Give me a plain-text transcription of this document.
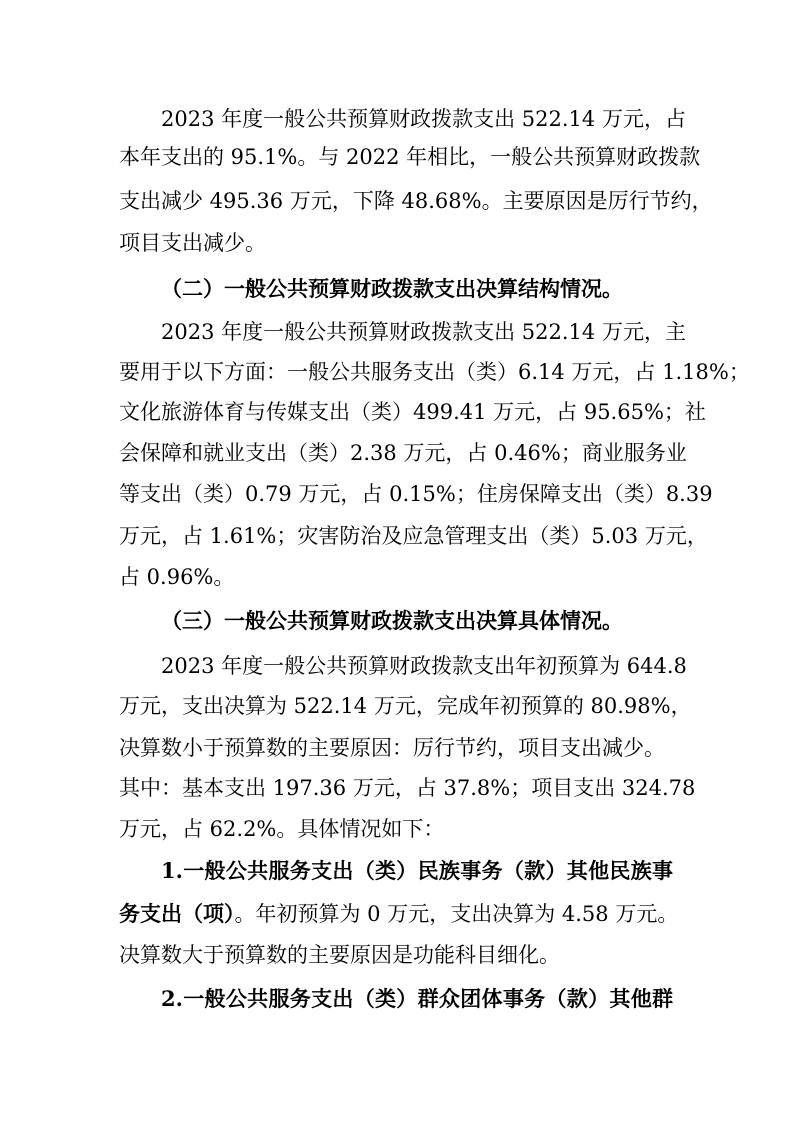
2023 年度一般公共预算财政拨款支出 522.14 万元，占
本年支出的 95.1%。与 2022 年相比，一般公共预算财政拨款
支出减少 495.36 万元，下降 48.68%。主要原因是厉行节约，
项目支出减少。
（二）一般公共预算财政拨款支出决算结构情况。
2023 年度一般公共预算财政拨款支出 522.14 万元，主
要用于以下方面：一般公共服务支出（类）6.14 万元，占 1.18%；
文化旅游体育与传媒支出（类）499.41 万元，占 95.65%；社
会保障和就业支出（类）2.38 万元，占 0.46%；商业服务业
等支出（类）0.79 万元，占 0.15%；住房保障支出（类）8.39
万元，占 1.61%；灾害防治及应急管理支出（类）5.03 万元，
占 0.96%。
（三）一般公共预算财政拨款支出决算具体情况。
2023 年度一般公共预算财政拨款支出年初预算为 644.8
万元，支出决算为 522.14 万元，完成年初预算的 80.98%，
决算数小于预算数的主要原因：厉行节约，项目支出减少。
其中：基本支出 197.36 万元，占 37.8%；项目支出 324.78
万元，占 62.2%。具体情况如下：
1.一般公共服务支出（类）民族事务（款）其他民族事
务支出（项）。年初预算为 0 万元，支出决算为 4.58 万元。
决算数大于预算数的主要原因是功能科目细化。
2.一般公共服务支出（类）群众团体事务（款）其他群
